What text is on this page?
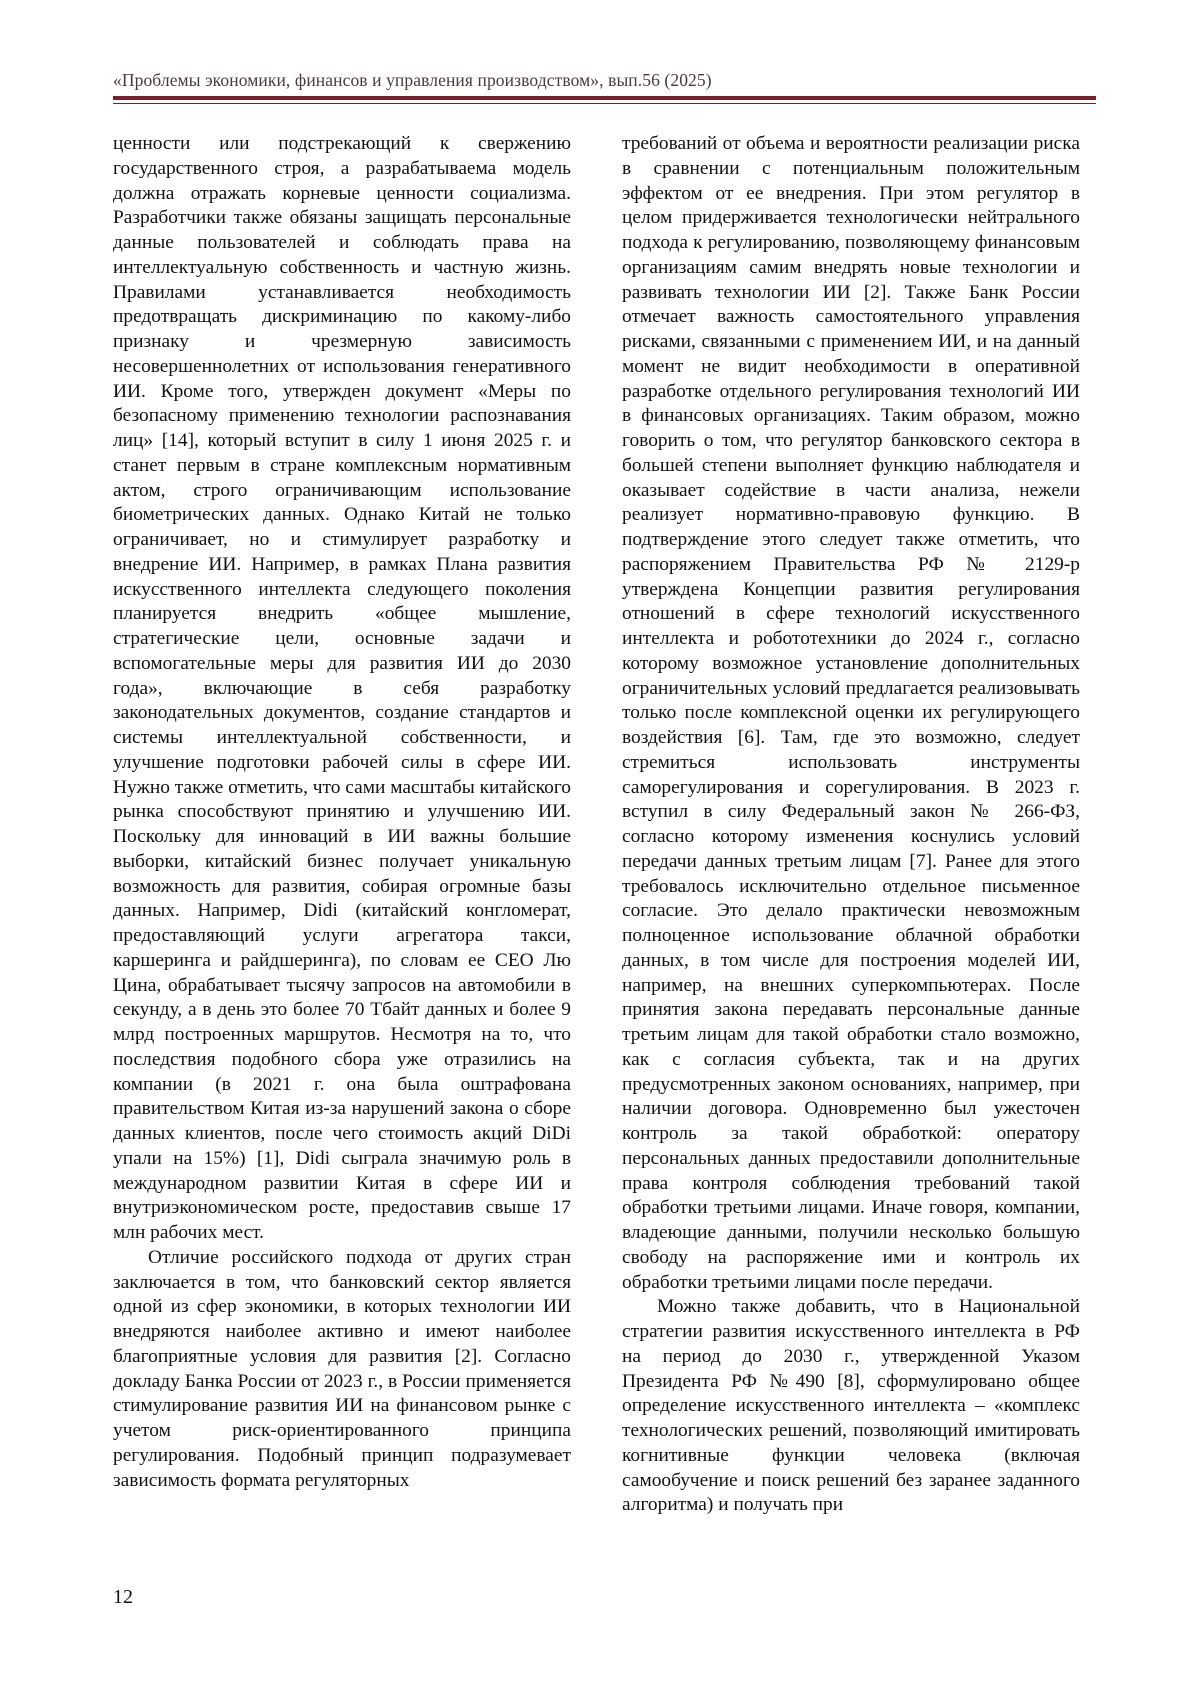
«Проблемы экономики, финансов и управления производством», вып.56 (2025)

ценности или подстрекающий к свержению государственного строя, а разрабатываема модель должна отражать корневые ценности социализма. Разработчики также обязаны защищать персональные данные пользователей и соблюдать права на интеллектуальную собственность и частную жизнь. Правилами устанавливается необходимость предотвращать дискриминацию по какому-либо признаку и чрезмерную зависимость несовершеннолетних от использования генеративного ИИ. Кроме того, утвержден документ «Меры по безопасному применению технологии распознавания лиц» [14], который вступит в силу 1 июня 2025 г. и станет первым в стране комплексным нормативным актом, строго ограничивающим использование биометрических данных. Однако Китай не только ограничивает, но и стимулирует разработку и внедрение ИИ. Например, в рамках Плана развития искусственного интеллекта следующего поколения планируется внедрить «общее мышление, стратегические цели, основные задачи и вспомогательные меры для развития ИИ до 2030 года», включающие в себя разработку законодательных документов, создание стандартов и системы интеллектуальной собственности, и улучшение подготовки рабочей силы в сфере ИИ. Нужно также отметить, что сами масштабы китайского рынка способствуют принятию и улучшению ИИ. Поскольку для инноваций в ИИ важны большие выборки, китайский бизнес получает уникальную возможность для развития, собирая огромные базы данных. Например, Didi (китайский конгломерат, предоставляющий услуги агрегатора такси, каршеринга и райдшеринга), по словам ее CEO Лю Цина, обрабатывает тысячу запросов на автомобили в секунду, а в день это более 70 Тбайт данных и более 9 млрд построенных маршрутов. Несмотря на то, что последствия подобного сбора уже отразились на компании (в 2021 г. она была оштрафована правительством Китая из-за нарушений закона о сборе данных клиентов, после чего стоимость акций DiDi упали на 15%) [1], Didi сыграла значимую роль в международном развитии Китая в сфере ИИ и внутриэкономическом росте, предоставив свыше 17 млн рабочих мест.

Отличие российского подхода от других стран заключается в том, что банковский сектор является одной из сфер экономики, в которых технологии ИИ внедряются наиболее активно и имеют наиболее благоприятные условия для развития [2]. Согласно докладу Банка России от 2023 г., в России применяется стимулирование развития ИИ на финансовом рынке с учетом риск-ориентированного принципа регулирования. Подобный принцип подразумевает зависимость формата регуляторных

требований от объема и вероятности реализации риска в сравнении с потенциальным положительным эффектом от ее внедрения. При этом регулятор в целом придерживается технологически нейтрального подхода к регулированию, позволяющему финансовым организациям самим внедрять новые технологии и развивать технологии ИИ [2]. Также Банк России отмечает важность самостоятельного управления рисками, связанными с применением ИИ, и на данный момент не видит необходимости в оперативной разработке отдельного регулирования технологий ИИ в финансовых организациях. Таким образом, можно говорить о том, что регулятор банковского сектора в большей степени выполняет функцию наблюдателя и оказывает содействие в части анализа, нежели реализует нормативно-правовую функцию. В подтверждение этого следует также отметить, что распоряжением Правительства РФ № 2129-р утверждена Концепции развития регулирования отношений в сфере технологий искусственного интеллекта и робототехники до 2024 г., согласно которому возможное установление дополнительных ограничительных условий предлагается реализовывать только после комплексной оценки их регулирующего воздействия [6]. Там, где это возможно, следует стремиться использовать инструменты саморегулирования и сорегулирования. В 2023 г. вступил в силу Федеральный закон № 266-ФЗ, согласно которому изменения коснулись условий передачи данных третьим лицам [7]. Ранее для этого требовалось исключительно отдельное письменное согласие. Это делало практически невозможным полноценное использование облачной обработки данных, в том числе для построения моделей ИИ, например, на внешних суперкомпьютерах. После принятия закона передавать персональные данные третьим лицам для такой обработки стало возможно, как с согласия субъекта, так и на других предусмотренных законом основаниях, например, при наличии договора. Одновременно был ужесточен контроль за такой обработкой: оператору персональных данных предоставили дополнительные права контроля соблюдения требований такой обработки третьими лицами. Иначе говоря, компании, владеющие данными, получили несколько большую свободу на распоряжение ими и контроль их обработки третьими лицами после передачи.

Можно также добавить, что в Национальной стратегии развития искусственного интеллекта в РФ на период до 2030 г., утвержденной Указом Президента РФ №490 [8], сформулировано общее определение искусственного интеллекта – «комплекс технологических решений, позволяющий имитировать когнитивные функции человека (включая самообучение и поиск решений без заранее заданного алгоритма) и получать при

12
